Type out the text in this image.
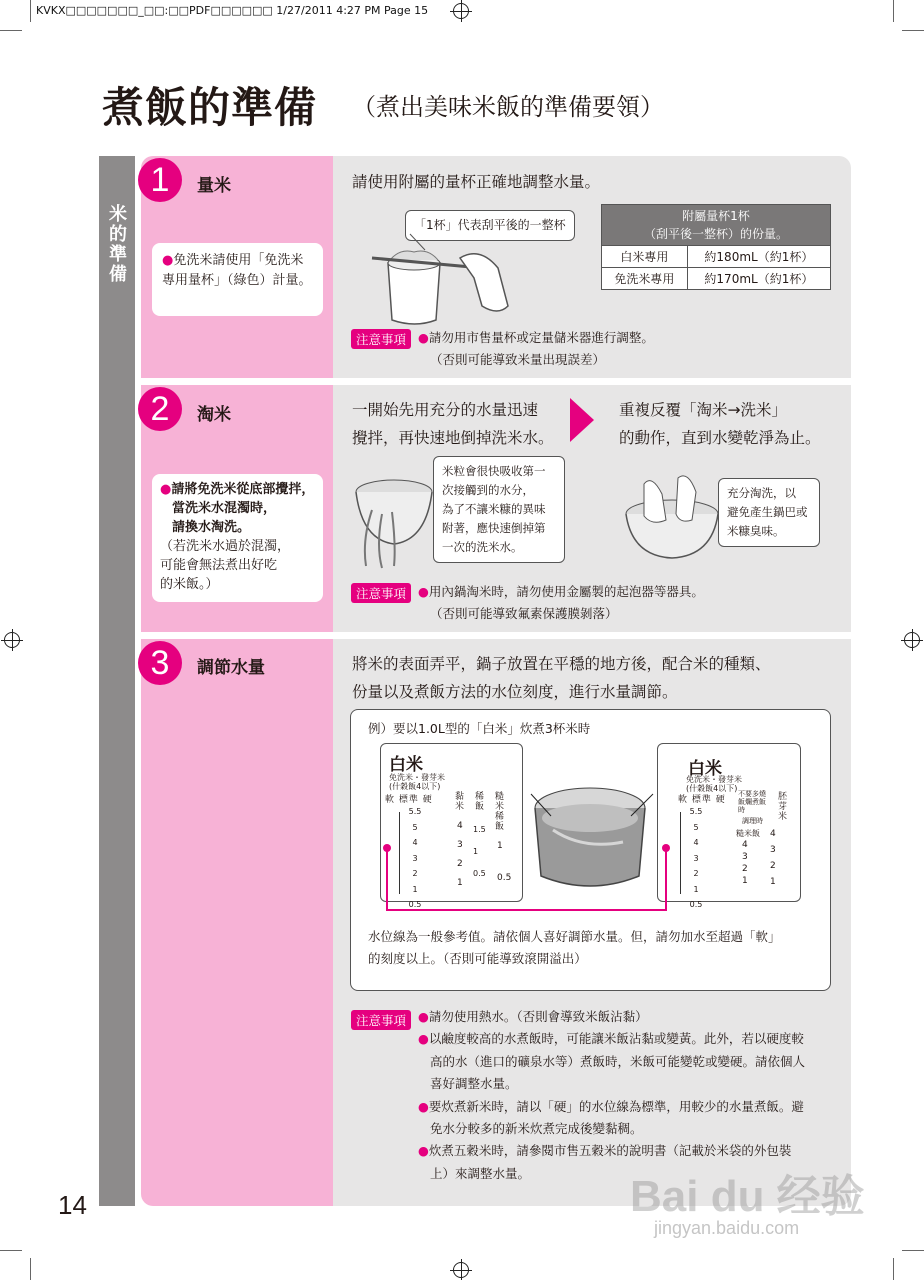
KVKX□□□□□□□_□□:□□PDF□□□□□□ 1/27/2011 4:27 PM Page 15
煮飯的準備 （煮出美味米飯的準備要領）
米的準備
1	量米
●免洗米請使用「免洗米專用量杯」（綠色）計量。
請使用附屬的量杯正確地調整水量。
「1杯」代表刮平後的一整杯
附屬量杯1杯
（刮平後一整杯）的份量。	
白米專用	約180mL（約1杯）
免洗米專用	約170mL（約1杯）
注意事項 ●請勿用市售量杯或定量儲米器進行調整。
（否則可能導致米量出現誤差）
2	淘米
●請將免洗米從底部攪拌，
當洗米水混濁時，
請換水淘洗。
（若洗米水過於混濁，
可能會無法煮出好吃
的米飯。）
一開始先用充分的水量迅速
攪拌，再快速地倒掉洗米水。
重複反覆「淘米→洗米」
的動作，直到水變乾淨為止。
米粒會很快吸收第一
次接觸到的水分，
為了不讓米糠的異味
附著，應快速倒掉第
一次的洗米水。
充分淘洗，以
避免產生鍋巴或
米糠臭味。
注意事項 ●用內鍋淘米時，請勿使用金屬製的起泡器等器具。
（否則可能導致氟素保護膜剝落）
3	調節水量	將米的表面弄平，鍋子放置在平穩的地方後，配合米的種類、
份量以及煮飯方法的水位刻度，進行水量調節。
例）要以1.0L型的「白米」炊煮3杯米時
白米
免洗米・發芽米
(什穀飯4以下)
軟 標準 硬 黏米
稀飯
糙米稀飯
5.5
5
4
3
2
1
0.5
4
3
2
1
1.5
1
0.5
1
0.5
白米
免洗米・發芽米
(什穀飯4以下)
軟 標準 硬
不要多燒飯爛煮飯時
胚芽米
調理時
糙米飯
5.5
5
4
3
2
1
0.5
4
3
2
1
4
3
2
1
水位線為一般參考值。請依個人喜好調節水量。但，請勿加水至超過「軟」
的刻度以上。（否則可能導致滾開溢出）
注意事項 ●請勿使用熱水。（否則會導致米飯沾黏）
●以鹼度較高的水煮飯時，可能讓米飯沾黏或變黃。此外，若以硬度較
高的水（進口的礦泉水等）煮飯時，米飯可能變乾或變硬。請依個人
喜好調整水量。
●要炊煮新米時，請以「硬」的水位線為標準，用較少的水量煮飯。避
免水分較多的新米炊煮完成後變黏稠。
●炊煮五穀米時，請參閱市售五穀米的說明書（記載於米袋的外包裝
上）來調整水量。
14	Bai du 经验
jingyan.baidu.com
